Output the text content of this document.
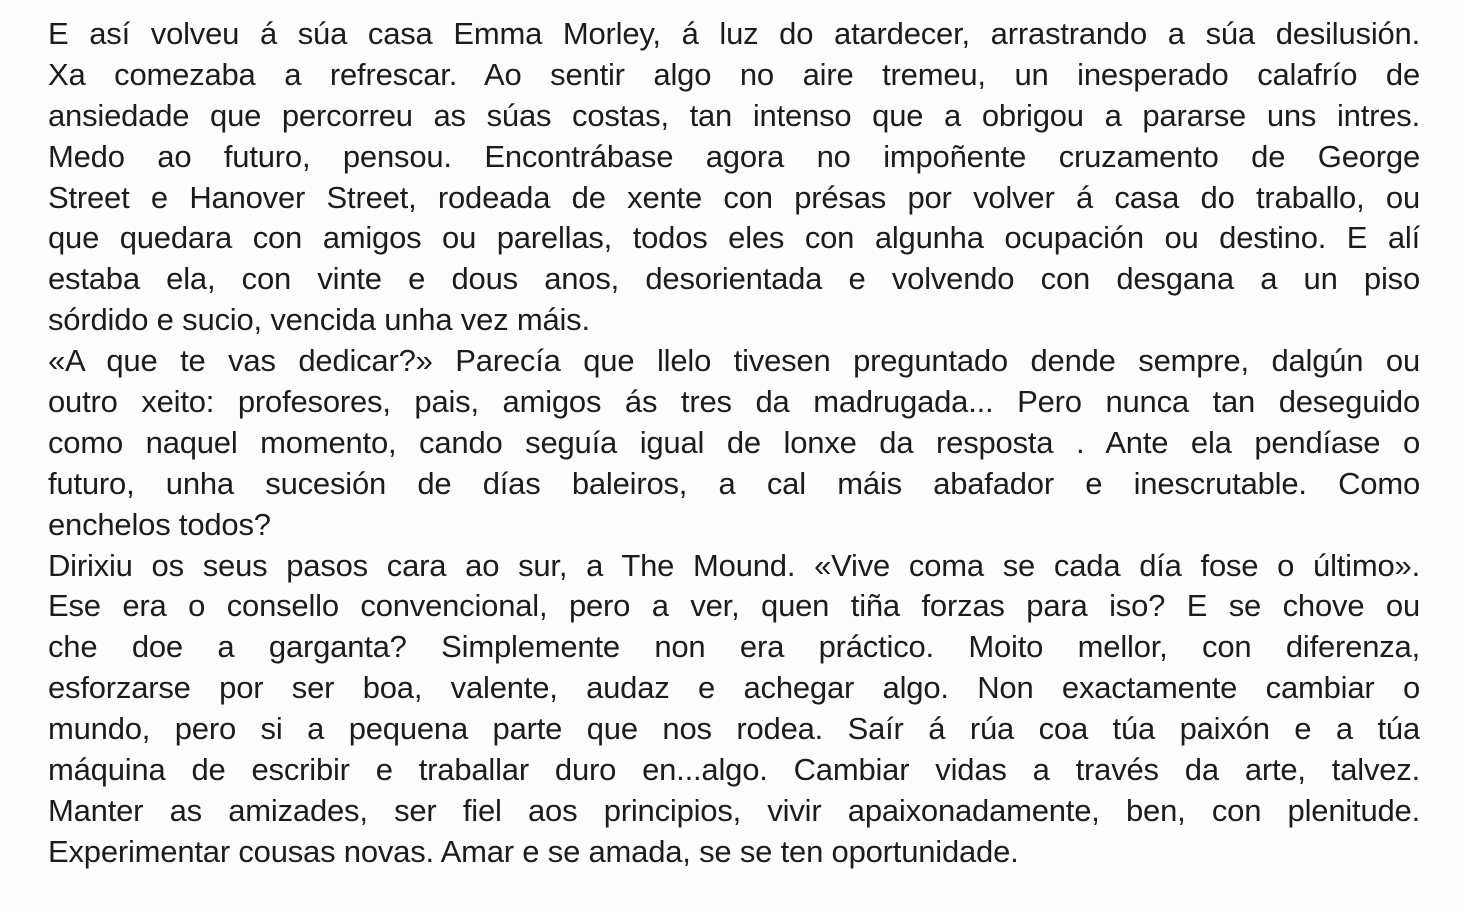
E así volveu á súa casa Emma Morley, á luz do atardecer, arrastrando a súa desilusión.
Xa comezaba a refrescar. Ao sentir algo no aire tremeu, un inesperado calafrío de
ansiedade que percorreu as súas costas, tan intenso que a obrigou a pararse uns intres.
Medo ao futuro, pensou. Encontrábase agora no impoñente cruzamento de George
Street e Hanover Street, rodeada de xente con présas por volver á casa do traballo, ou
que quedara con amigos ou parellas, todos eles con algunha ocupación ou destino. E alí
estaba ela, con vinte e dous anos, desorientada e volvendo con desgana a un piso
sórdido e sucio, vencida unha vez máis.
«A que te vas dedicar?» Parecía que llelo tivesen preguntado dende sempre, dalgún ou
outro xeito: profesores, pais, amigos ás tres da madrugada... Pero nunca tan deseguido
como naquel momento, cando seguía igual de lonxe da resposta . Ante ela pendíase o
futuro, unha sucesión de días baleiros, a cal máis abafador e inescrutable. Como
enchelos todos?
Dirixiu os seus pasos cara ao sur, a The Mound. «Vive coma se cada día fose o último».
Ese era o consello convencional, pero a ver, quen tiña forzas para iso? E se chove ou
che doe a garganta? Simplemente non era práctico. Moito mellor, con diferenza,
esforzarse por ser boa, valente, audaz e achegar algo. Non exactamente cambiar o
mundo, pero si a pequena parte que nos rodea. Saír á rúa coa túa paixón e a túa
máquina de escribir e traballar duro en...algo. Cambiar vidas a través da arte, talvez.
Manter as amizades, ser fiel aos principios, vivir apaixonadamente, ben, con plenitude.
Experimentar cousas novas. Amar e se amada, se se ten oportunidade.
